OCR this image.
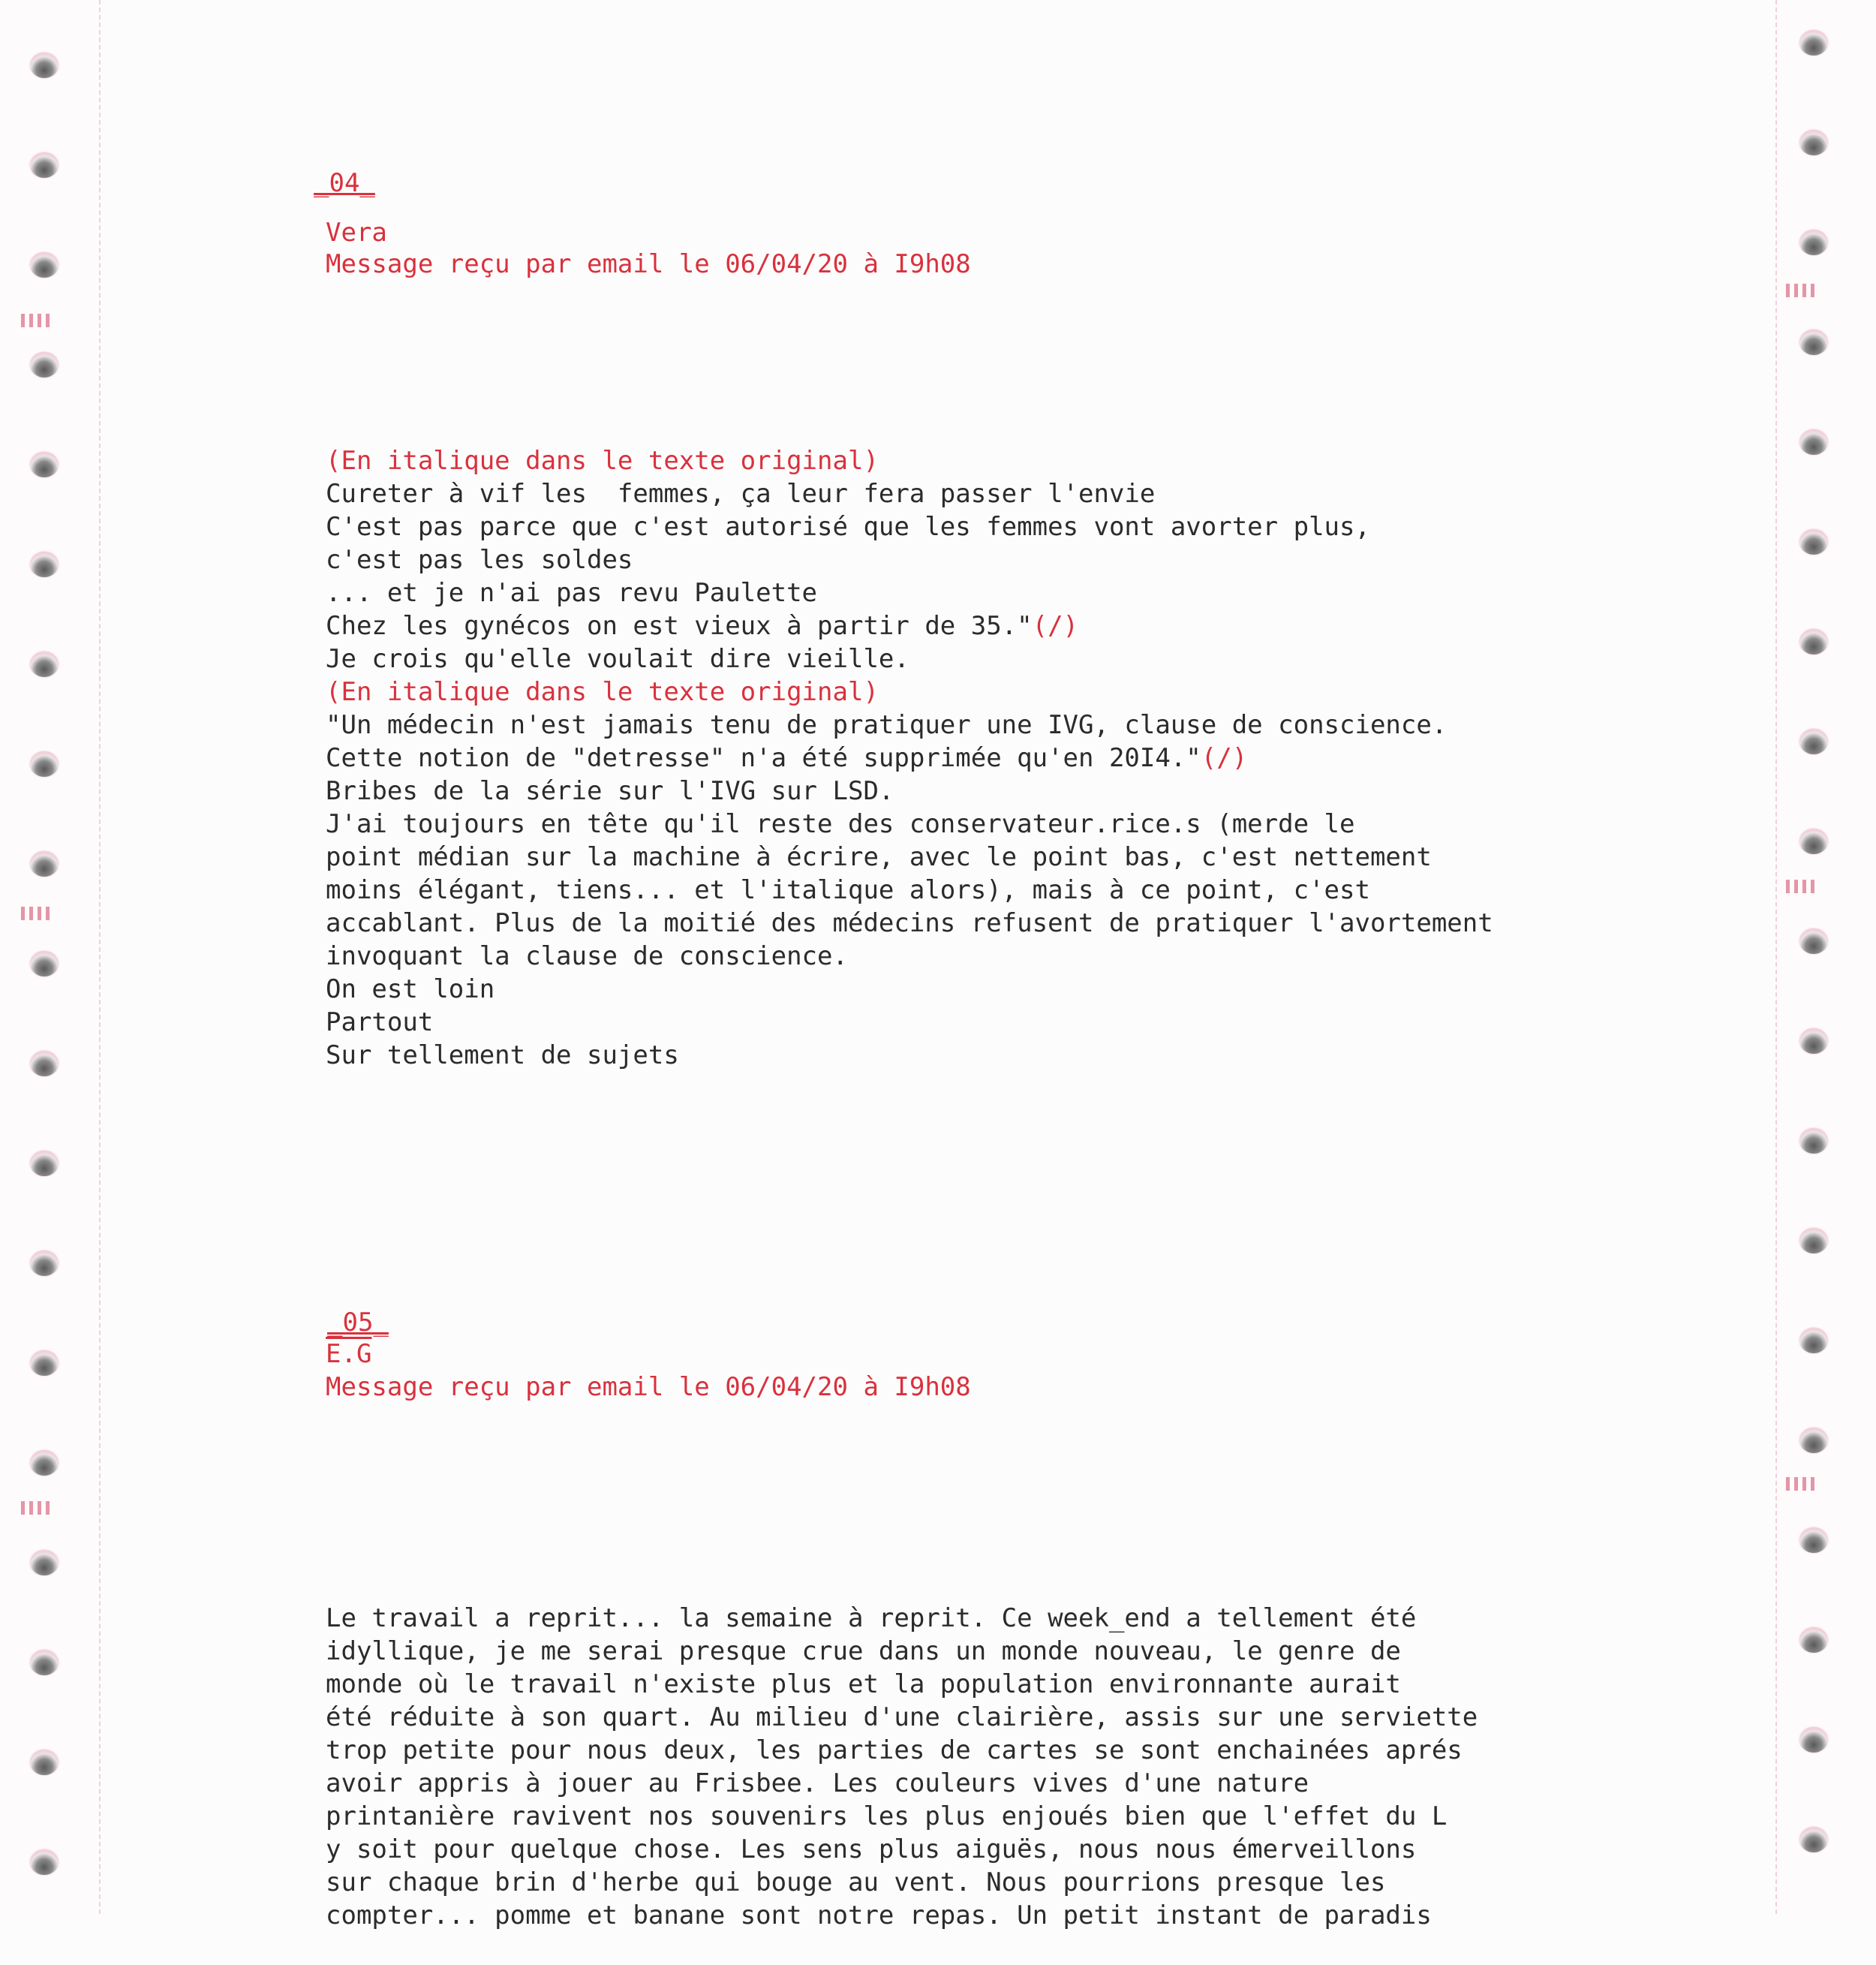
_04_
Vera
Message reçu par email le 06/04/20 à I9h08

(En italique dans le texte original)
Cureter à vif les  femmes, ça leur fera passer l'envie
C'est pas parce que c'est autorisé que les femmes vont avorter plus,
c'est pas les soldes
... et je n'ai pas revu Paulette
Chez les gynécos on est vieux à partir de 35."(/)
Je crois qu'elle voulait dire vieille.
(En italique dans le texte original)
"Un médecin n'est jamais tenu de pratiquer une IVG, clause de conscience.
Cette notion de "detresse" n'a été supprimée qu'en 20I4."(/)
Bribes de la série sur l'IVG sur LSD.
J'ai toujours en tête qu'il reste des conservateur.rice.s (merde le
point médian sur la machine à écrire, avec le point bas, c'est nettement
moins élégant, tiens... et l'italique alors), mais à ce point, c'est
accablant. Plus de la moitié des médecins refusent de pratiquer l'avortement
invoquant la clause de conscience.
On est loin
Partout
Sur tellement de sujets

_05_
E.G
Message reçu par email le 06/04/20 à I9h08

Le travail a reprit... la semaine à reprit. Ce week_end a tellement été
idyllique, je me serai presque crue dans un monde nouveau, le genre de
monde où le travail n'existe plus et la population environnante aurait
été réduite à son quart. Au milieu d'une clairière, assis sur une serviette
trop petite pour nous deux, les parties de cartes se sont enchainées aprés
avoir appris à jouer au Frisbee. Les couleurs vives d'une nature
printanière ravivent nos souvenirs les plus enjoués bien que l'effet du L
y soit pour quelque chose. Les sens plus aiguës, nous nous émerveillons
sur chaque brin d'herbe qui bouge au vent. Nous pourrions presque les
compter... pomme et banane sont notre repas. Un petit instant de paradis
